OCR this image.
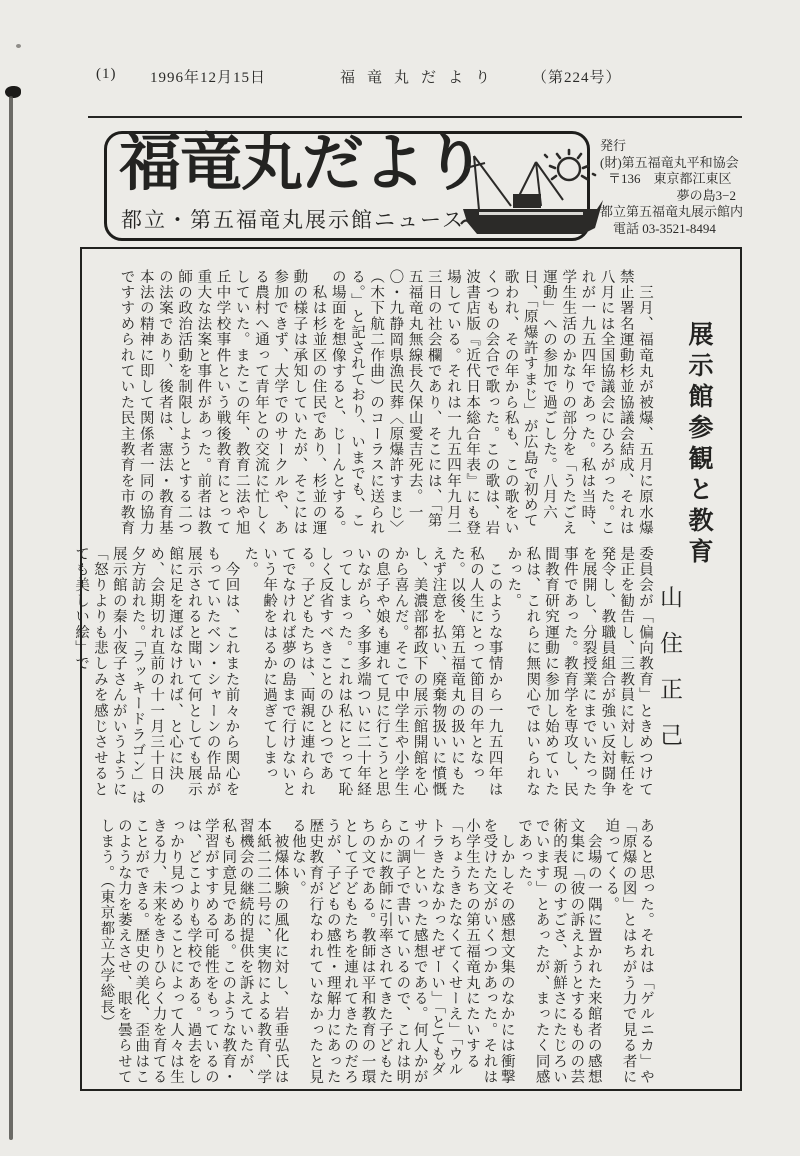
(1) 1996年12月15日	福竜丸だより （第224号）
福竜丸だより
都立・第五福竜丸展示館ニュース
発行
(財)第五福竜丸平和協会
〒136　東京都江東区
夢の島3−2
都立第五福竜丸展示館内
電話 03-3521-8494
展示館参観と教育
山住正己

　三月、福竜丸が被爆、五月に原水爆禁止署名運動杉並協議会結成、それは八月には全国協議会にひろがった。これが一九五四年であった。私は当時、学生生活のかなりの部分を「うたごえ運動」への参加で過ごした。八月六日、「原爆許すまじ」が広島で初めて歌われ、その年から私も、この歌をいくつもの会合で歌った。この歌は、岩波書店版『近代日本総合年表』にも登場している。それは一九五四年九月二三日の社会欄であり、そこには、「第五福竜丸無線長久保山愛吉死去。一〇・九静岡県漁民葬〈原爆許すまじ〉（木下航二作曲）のコーラスに送られる。」と記されており、いまでも、この場面を想像すると、じーんとする。

　私は杉並区の住民であり、杉並の運動の様子は承知していたが、そこには参加できず、大学でのサークルや、ある農村へ通って青年との交流に忙しくしていた。またこの年、教育二法や旭丘中学校事件という戦後教育にとって重大な法案と事件があった。前者は教師の政治活動を制限しようとする二つの法案であり、後者は、憲法・教育基本法の精神に即して関係者一同の協力ですすめられていた民主教育を市教育

委員会が「偏向教育」ときめつけて是正を勧告し、三教員に対し転任を発令し、教職員組合が強い反対闘争を展開し、分裂授業にまでいたった事件であった。教育学を専攻し、民間教育研究運動に参加し始めていた私は、これらに無関心ではいられなかった。

　このような事情から一九五四年は私の人生にとって節目の年となった。以後、第五福竜丸の扱いにもたえず注意を払い、廃棄物扱いに憤慨し、美濃部都政下の展示館開館を心から喜んだ。そこで中学生や小学生の息子や娘も連れて見に行こうと思いながら、多事多端ついに二十年経ってしまった。これは私にとって恥しく反省すべきことのひとつである。子どもたちは、両親に連れられてでなければ夢の島まで行けないという年齢をはるかに過ぎてしまった。

　今回は、これまた前々から関心をもっていたベン・シャーンの作品が展示されると聞いて何としても展示館に足を運ばなければ、と心に決め、会期切れ直前の十一月三十日の夕方訪れた。「ラッキードラゴン」は展示館の秦小夜子さんがいうように「怒りよりも悲しみを感じさせるとても美しい絵」で

あると思った。それは「ゲルニカ」や「原爆の図」とはちがう力で見る者に迫ってくる。

　会場の一隅に置かれた来館者の感想文集に「彼の訴えようとするものの芸術的表現のすごさ、新鮮さにたじろいでいます」とあったが、まったく同感であった。

　しかしその感想文集のなかには衝撃を受けた文がいくつかあった。それは小学生たちの第五福竜丸にたいする「ちょうきたなくてくせーえ」「ウルトラきたなかったぜーい」「とてもダサイ」といった感想である。何人かがこの調子で書いているので、これは明らかに教師に引率されてきた子どもたちの文である。教師は平和教育の一環として子どもたちを連れてきたのだろうが、子どもの感性・理解力にあった歴史教育が行なわれていなかったと見る他ない。

　被爆体験の風化に対し、岩垂弘氏は本紙二二二号に、実物による教育、学習機会の継続的提供を訴えていたが、私も同意見である。このような教育・学習がすすめる可能性をもっているのは、どこよりも学校である。過去をしっかり見つめることによって人々は生きる力、未来をきりひらく力を育てることができる。歴史の美化、歪曲はこのような力を萎えさせ、眼を曇らせてしまう。（東京都立大学総長）
